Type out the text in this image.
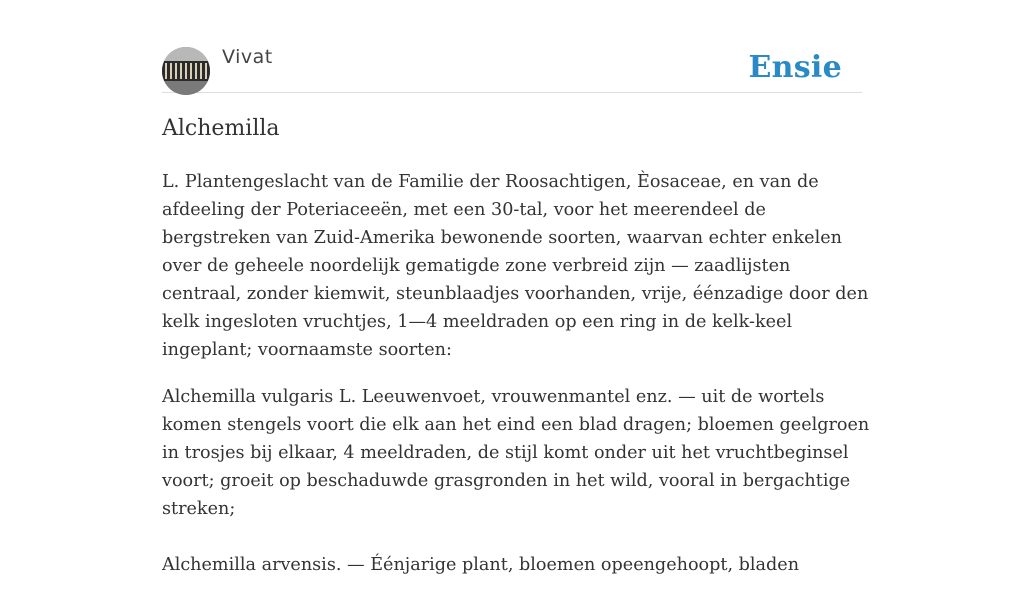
Vivat	Ensie
Alchemilla

L. Plantengeslacht van de Familie der Roosachtigen, Èosaceae, en van de afdeeling der Poteriaceeën, met een 30-tal, voor het meerendeel de bergstreken van Zuid-Amerika bewonende soorten, waarvan echter enkelen over de geheele noordelijk gematigde zone verbreid zijn — zaadlijsten centraal, zonder kiemwit, steunblaadjes voorhanden, vrije, éénzadige door den kelk ingesloten vruchtjes, 1—4 meeldraden op een ring in de kelk-keel ingeplant; voornaamste soorten:

Alchemilla vulgaris L. Leeuwenvoet, vrouwenmantel enz. — uit de wortels komen stengels voort die elk aan het eind een blad dragen; bloemen geelgroen in trosjes bij elkaar, 4 meeldraden, de stijl komt onder uit het vruchtbeginsel voort; groeit op beschaduwde grasgronden in het wild, vooral in bergachtige streken;

Alchemilla arvensis. — Éénjarige plant, bloemen opeengehoopt, bladen
